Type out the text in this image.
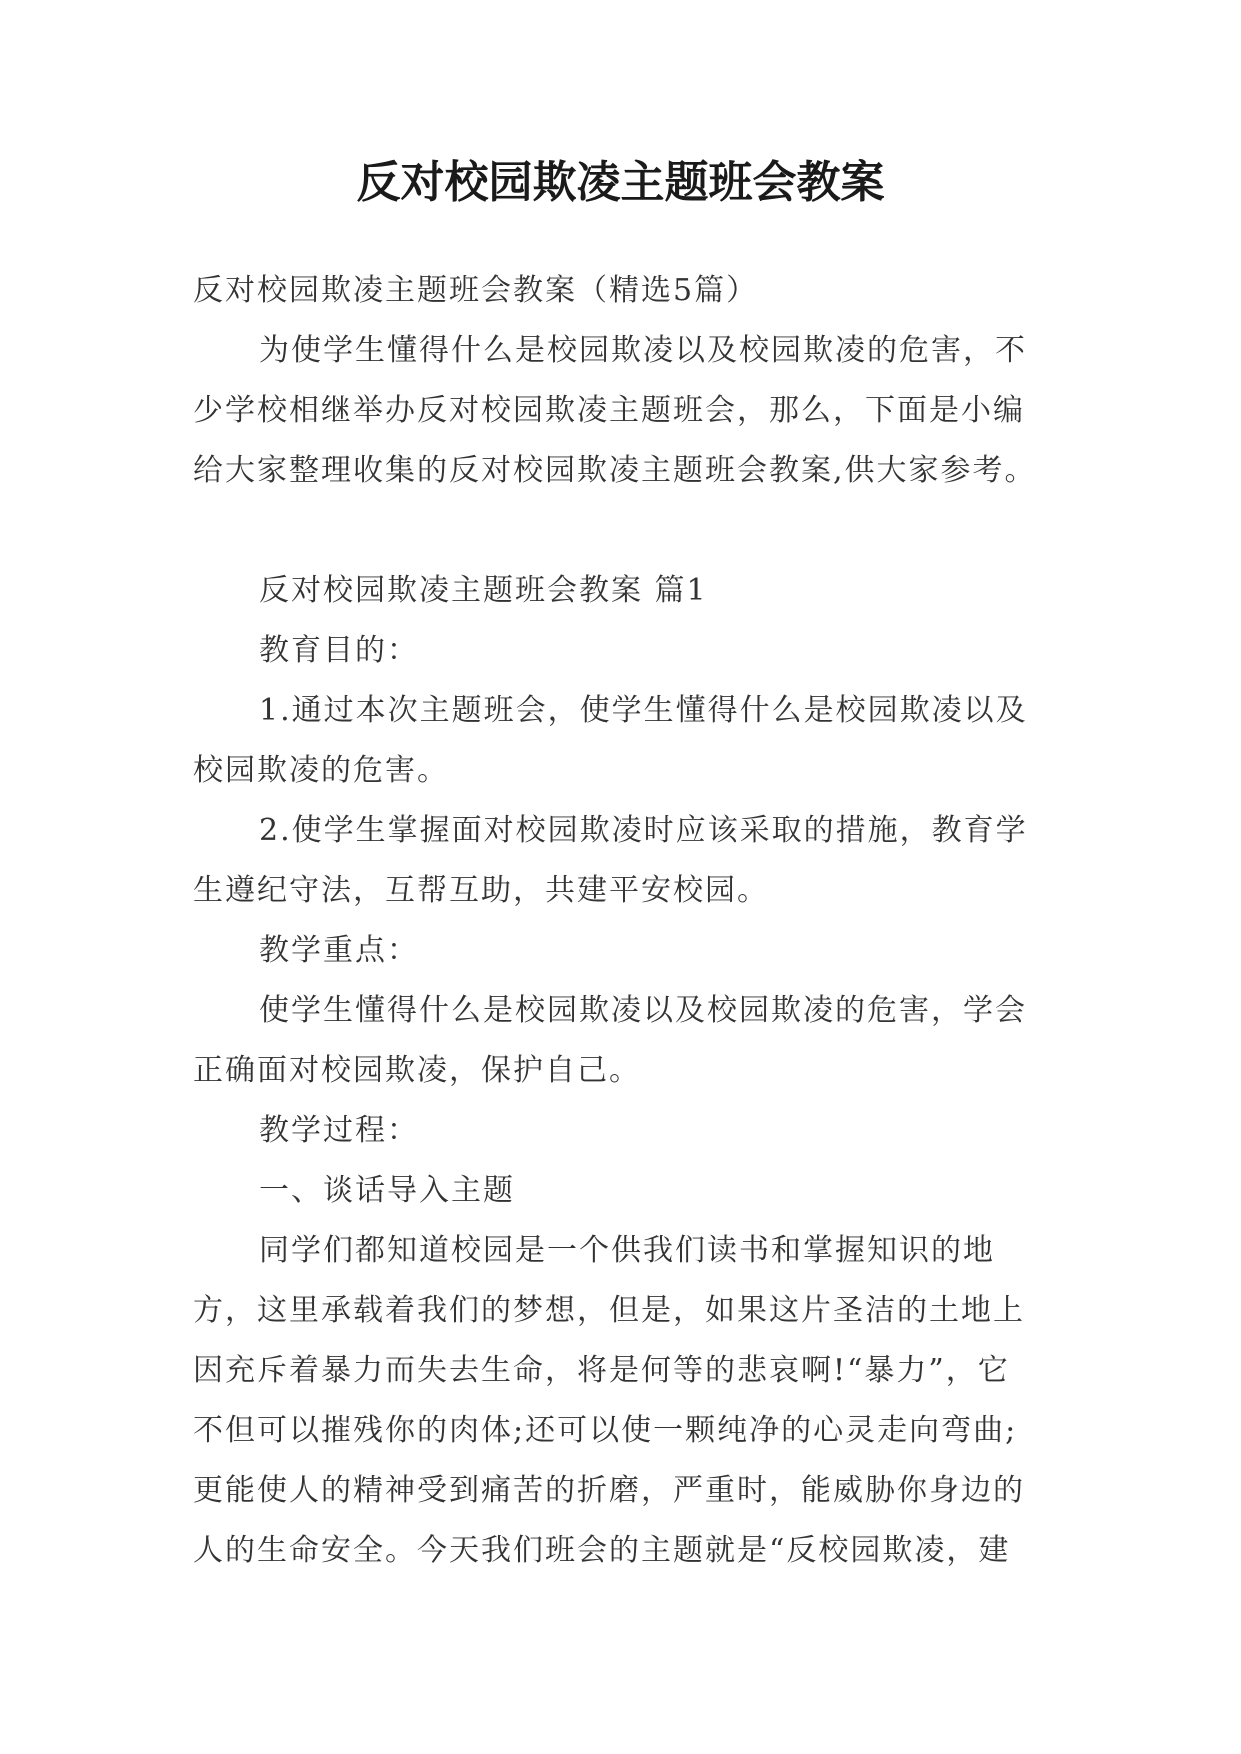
反对校园欺凌主题班会教案
反对校园欺凌主题班会教案（精选5篇）
为使学生懂得什么是校园欺凌以及校园欺凌的危害，不
少学校相继举办反对校园欺凌主题班会，那么，下面是小编
给大家整理收集的反对校园欺凌主题班会教案,供大家参考。
反对校园欺凌主题班会教案 篇1
教育目的：
1.通过本次主题班会，使学生懂得什么是校园欺凌以及
校园欺凌的危害。
2.使学生掌握面对校园欺凌时应该采取的措施，教育学
生遵纪守法，互帮互助，共建平安校园。
教学重点：
使学生懂得什么是校园欺凌以及校园欺凌的危害，学会
正确面对校园欺凌，保护自己。
教学过程：
一、谈话导入主题
同学们都知道校园是一个供我们读书和掌握知识的地
方，这里承载着我们的梦想，但是，如果这片圣洁的土地上
因充斥着暴力而失去生命，将是何等的悲哀啊!“暴力”，它
不但可以摧残你的肉体;还可以使一颗纯净的心灵走向弯曲;
更能使人的精神受到痛苦的折磨，严重时，能威胁你身边的
人的生命安全。今天我们班会的主题就是“反校园欺凌，建
